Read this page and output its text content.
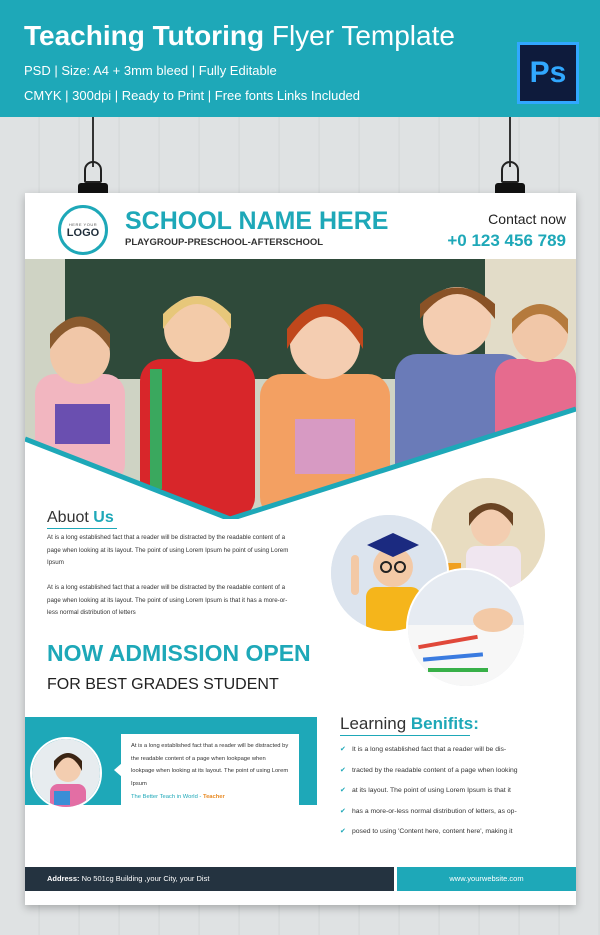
Teaching Tutoring Flyer Template
PSD | Size: A4 + 3mm bleed | Fully Editable
CMYK | 300dpi | Ready to Print | Free fonts Links Included
Ps
HERE YOUR
LOGO SCHOOL NAME HERE
PLAYGROUP-PRESCHOOL-AFTERSCHOOL
Contact now
+0 123 456 789
Abuot Us
At is a long established fact that a reader will be distracted by the readable content of a page when looking at its layout. The point of using Lorem Ipsum he point of using Lorem Ipsum
At is a long established fact that a reader will be distracted by the readable content of a page when looking at its layout. The point of using Lorem Ipsum is that it has a more-or-less normal distribution of letters
NOW ADMISSION OPEN
FOR BEST GRADES STUDENT
At is a long established fact that a reader will be distracted by the readable content of a page when lookpage when lookpage when looking at its layout. The point of using Lorem Ipsum
The Better Teach in World - Teacher
Learning Benifits:
✔ It is a long established fact that a reader will be dis-
✔ tracted by the readable content of a page when looking
✔ at its layout. The point of using Lorem Ipsum is that it
✔ has a more-or-less normal distribution of letters, as op-
✔ posed to using 'Content here, content here', making it
Address: No 501cg Building ,your City, your Dist	www.yourwebsite.com
